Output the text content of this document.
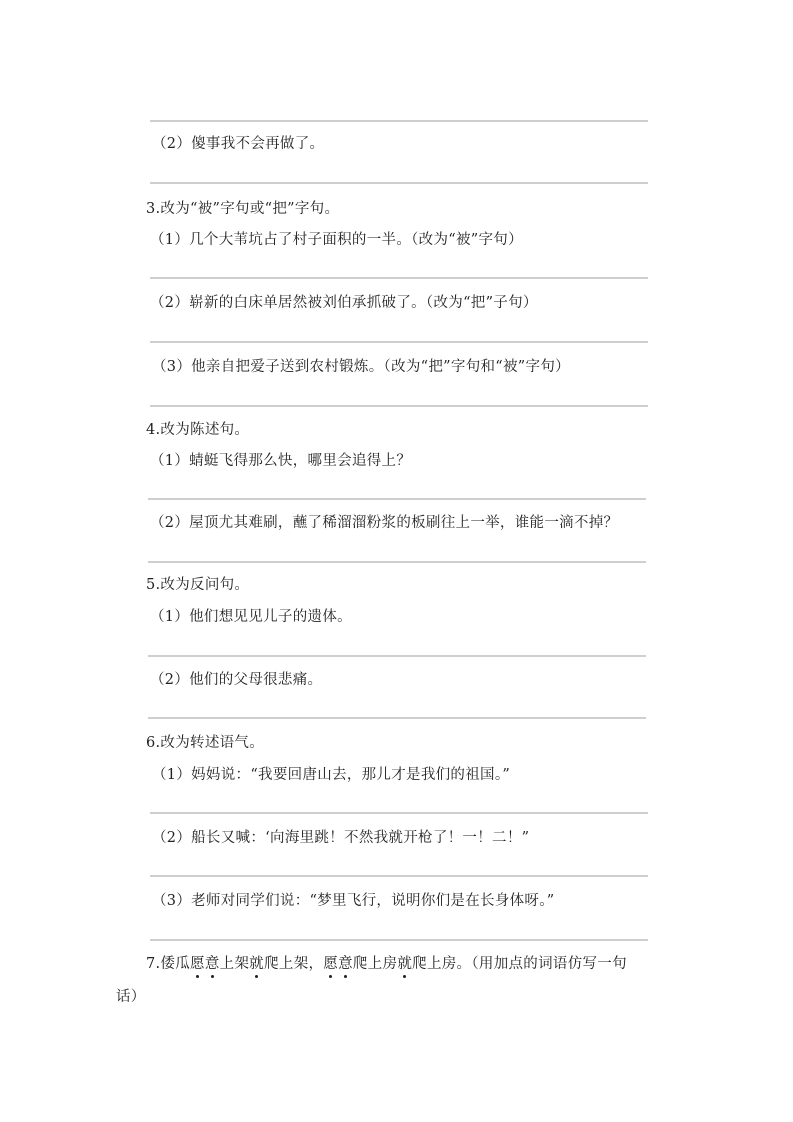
（2）傻事我不会再做了。
3.改为“被”字句或“把”字句。
（1）几个大苇坑占了村子面积的一半。（改为“被”字句）
（2）崭新的白床单居然被刘伯承抓破了。（改为“把”子句）
（3）他亲自把爱子送到农村锻炼。（改为“把”字句和“被”字句）
4.改为陈述句。
（1）蜻蜓飞得那么快，哪里会追得上？
（2）屋顶尤其难刷，蘸了稀溜溜粉浆的板刷往上一举，谁能一滴不掉？
5.改为反问句。
（1）他们想见见儿子的遗体。
（2）他们的父母很悲痛。
6.改为转述语气。
（1）妈妈说：“我要回唐山去，那儿才是我们的祖国。”
（2）船长又喊：‘向海里跳！不然我就开枪了！一！二！”
（3）老师对同学们说：“梦里飞行，说明你们是在长身体呀。”
7.倭瓜愿意上架就爬上架，愿意爬上房就爬上房。（用加点的词语仿写一句
话）
